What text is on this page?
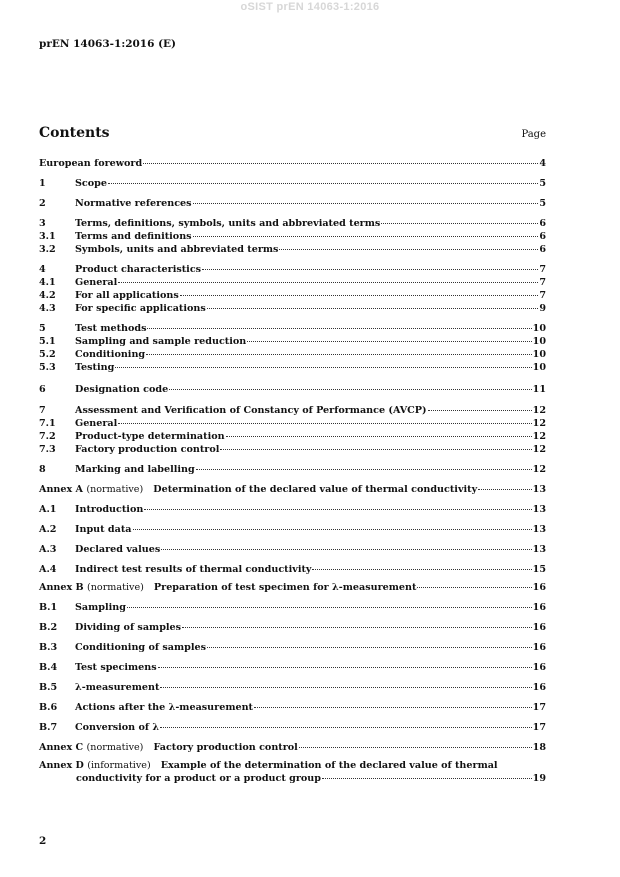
oSIST prEN 14063-1:2016
prEN 14063-1:2016 (E)
Contents	Page
European foreword	4
1	Scope	5
2	Normative references	5
3	Terms, definitions, symbols, units and abbreviated terms	6
3.1	Terms and definitions	6
3.2	Symbols, units and abbreviated terms	6
4	Product characteristics	7
4.1	General	7
4.2	For all applications	7
4.3	For specific applications	9
5	Test methods	10
5.1	Sampling and sample reduction	10
5.2	Conditioning	10
5.3	Testing	10
6	Designation code	11
7	Assessment and Verification of Constancy of Performance (AVCP)	12
7.1	General	12
7.2	Product-type determination	12
7.3	Factory production control	12
8	Marking and labelling	12
Annex A (normative) Determination of the declared value of thermal conductivity	13
A.1	Introduction	13
A.2	Input data	13
A.3	Declared values	13
A.4	Indirect test results of thermal conductivity	15
Annex B (normative) Preparation of test specimen for λ-measurement	16
B.1	Sampling	16
B.2	Dividing of samples	16
B.3	Conditioning of samples	16
B.4	Test specimens	16
B.5	λ-measurement	16
B.6	Actions after the λ-measurement	17
B.7	Conversion of λ	17
Annex C (normative) Factory production control	18
Annex D (informative) Example of the determination of the declared value of thermal
conductivity for a product or a product group	19
2
